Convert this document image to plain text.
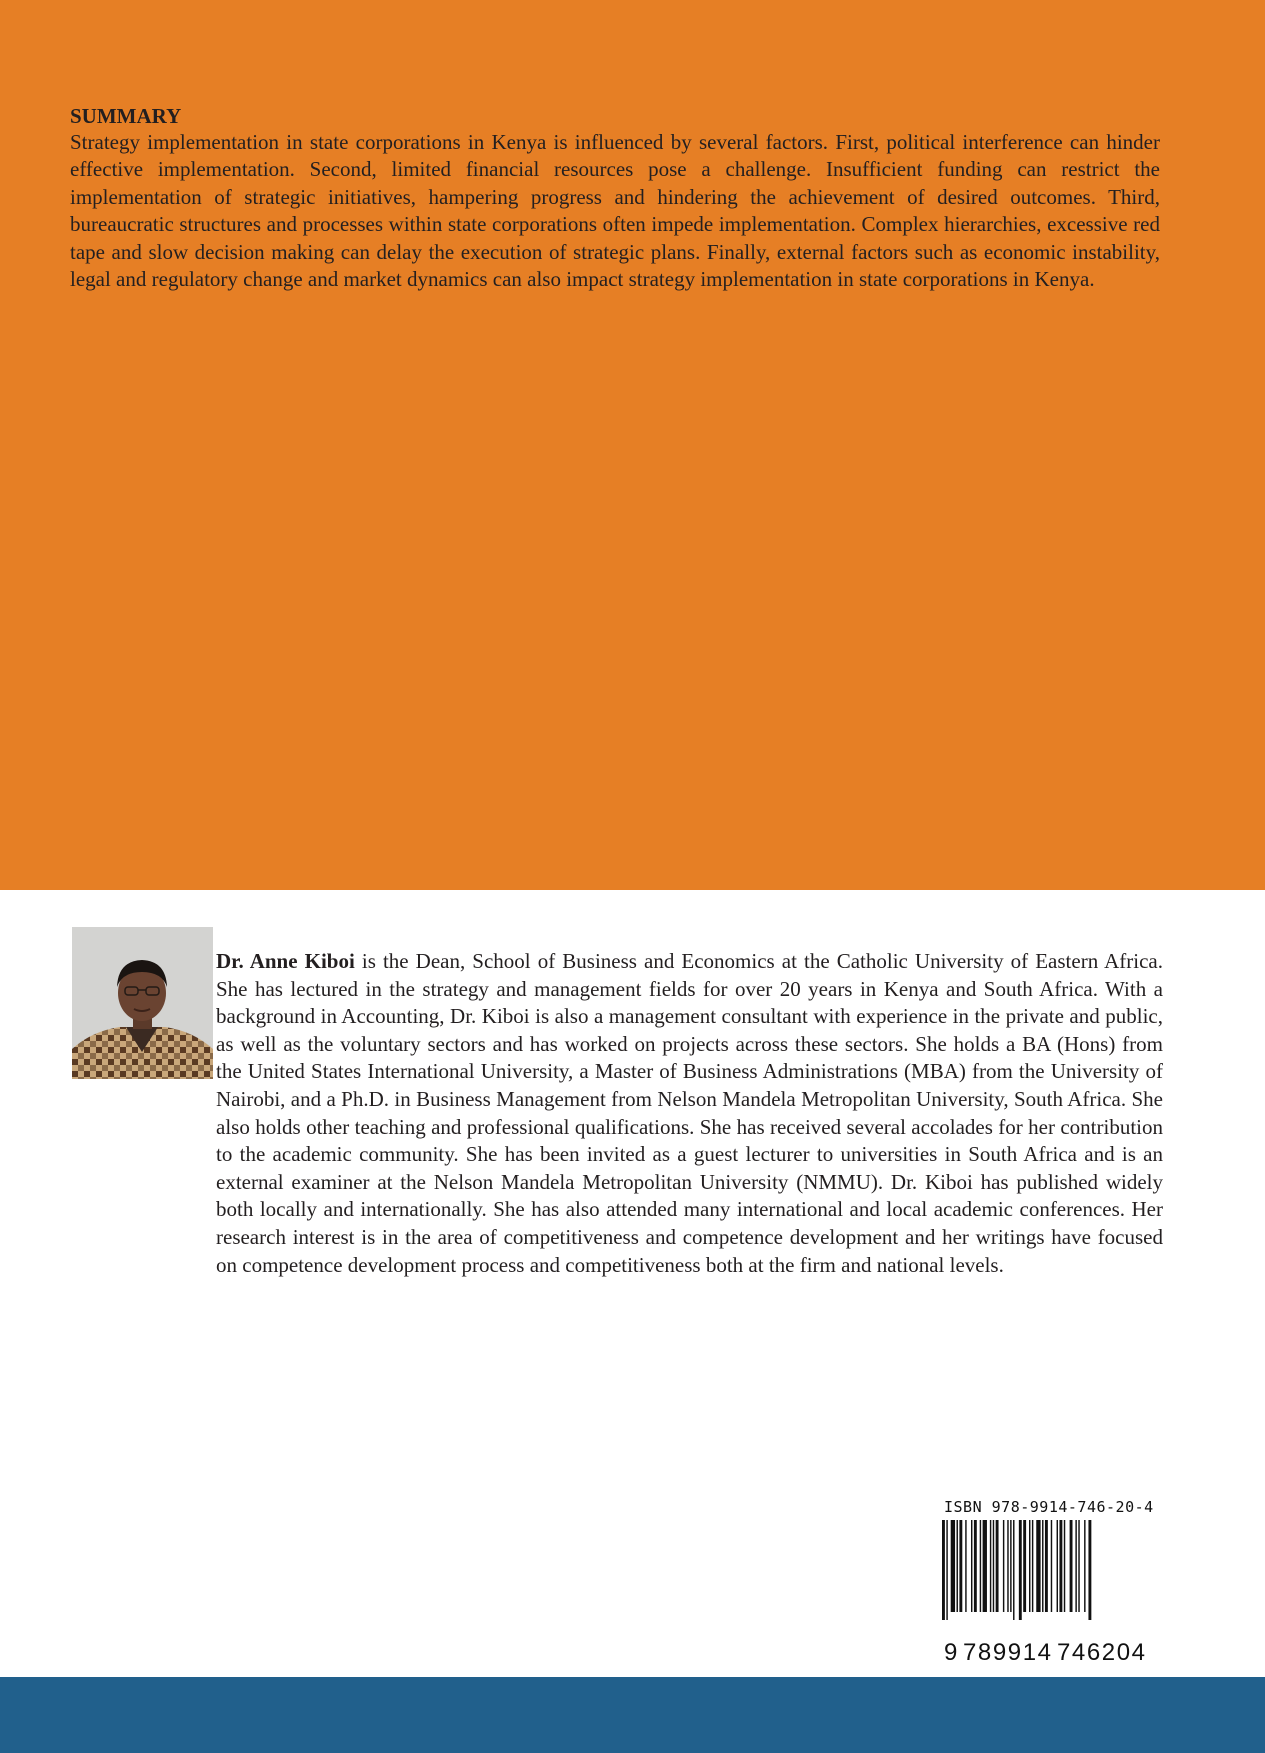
SUMMARY

Strategy implementation in state corporations in Kenya is influenced by several factors. First, political interference can hinder effective implementation. Second, limited financial resources pose a challenge. Insufficient funding can restrict the implementation of strategic initiatives, hampering progress and hindering the achievement of desired outcomes. Third, bureaucratic structures and processes within state corporations often impede implementation. Complex hierarchies, excessive red tape and slow decision making can delay the execution of strategic plans. Finally, external factors such as economic instability, legal and regulatory change and market dynamics can also impact strategy implementation in state corporations in Kenya.

Dr. Anne Kiboi is the Dean, School of Business and Economics at the Catholic University of Eastern Africa. She has lectured in the strategy and management fields for over 20 years in Kenya and South Africa. With a background in Accounting, Dr. Kiboi is also a management consultant with experience in the private and public, as well as the voluntary sectors and has worked on projects across these sectors. She holds a BA (Hons) from the United States International University, a Master of Business Administrations (MBA) from the University of Nairobi, and a Ph.D. in Business Management from Nelson Mandela Metropolitan University, South Africa. She also holds other teaching and professional qualifications. She has received several accolades for her contribution to the academic community. She has been invited as a guest lecturer to universities in South Africa and is an external examiner at the Nelson Mandela Metropolitan University (NMMU). Dr. Kiboi has published widely both locally and internationally. She has also attended many international and local academic conferences. Her research interest is in the area of competitiveness and competence development and her writings have focused on competence development process and competitiveness both at the firm and national levels.

ISBN 978-9914-746-20-4
9 789914 746204
